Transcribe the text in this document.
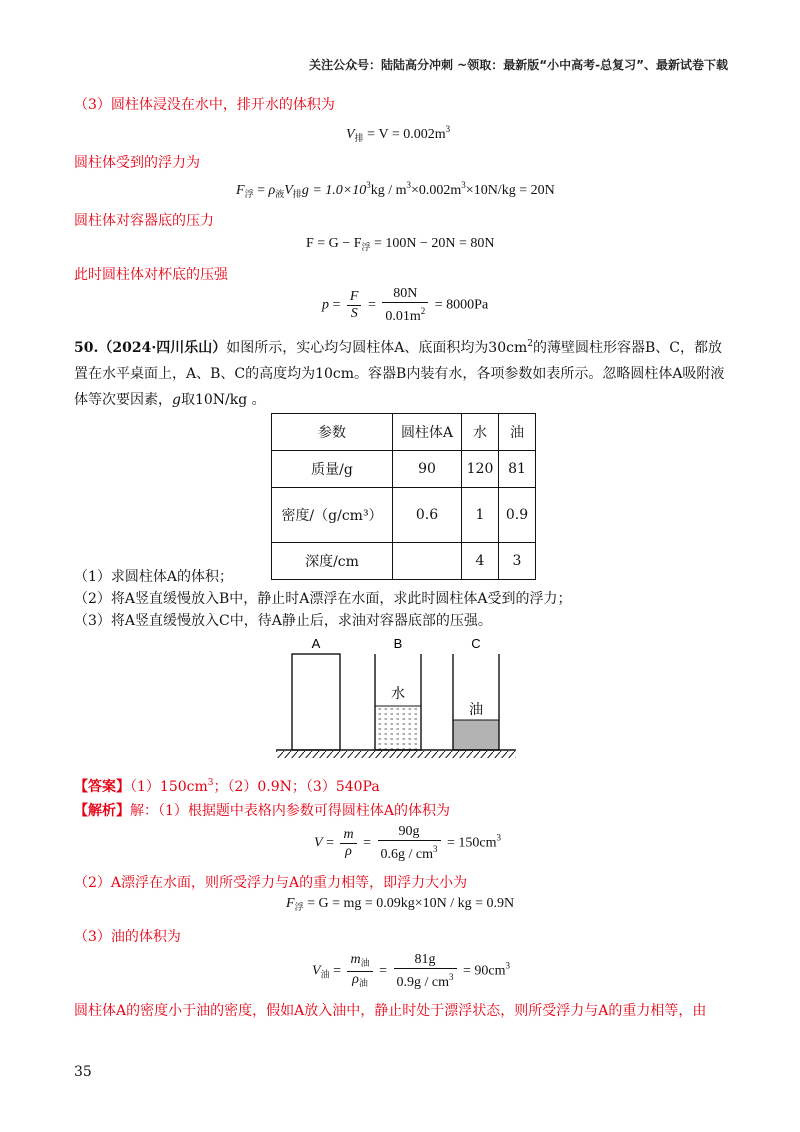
关注公众号：陆陆高分冲刺 ~领取：最新版“小中高考-总复习”、最新试卷下载
（3）圆柱体浸没在水中，排开水的体积为
$V_排 = V = 0.002m^3$
圆柱体受到的浮力为
$F_浮 = \rho_液V_排g = 1.0\times 10^3kg / m^3\times 0.002m^3\times 10N/kg = 20N$
圆柱体对容器底的压力
$F = G - F_浮 = 100N - 20N = 80N$
此时圆柱体对杯底的压强
$p = \frac{F}{S} = \frac{80N}{0.01m^2} = 8000Pa$
50.（2024·四川乐山）如图所示，实心均匀圆柱体A、底面积均为$30cm^2$的薄壁圆柱形容器B、C，都放
置在水平桌面上，A、B、C的高度均为10cm。容器B内装有水，各项参数如表所示。忽略圆柱体A吸附液
体等次要因素，g取10N/kg 。
参数	圆柱体A	水	油
质量/g	90	120	81
密度/（g/cm³）	0.6	1	0.9
深度/cm		4	3
（1）求圆柱体A的体积；
（2）将A竖直缓慢放入B中，静止时A漂浮在水面，求此时圆柱体A受到的浮力；
（3）将A竖直缓慢放入C中，待A静止后，求油对容器底部的压强。
A	B	C
水
油
【答案】$(1)150cm^3$；（2）0.9N；（3）540Pa
【解析】解：（1）根据题中表格内参数可得圆柱体A的体积为
$V = \frac{m}{\rho} = \frac{90g}{0.6g / cm^3} = 150cm^3$
（2）A漂浮在水面，则所受浮力与A的重力相等，即浮力大小为
$F_浮 = G$ = mg = 0.09kg×10N / kg = 0.9N
（3）油的体积为
$V_油 = \frac{m_油}{\rho_油} = \frac{81g}{0.9g / cm^3} = 90cm^3$
圆柱体A的密度小于油的密度，假如A放入油中，静止时处于漂浮状态，则所受浮力与A的重力相等，由
35
